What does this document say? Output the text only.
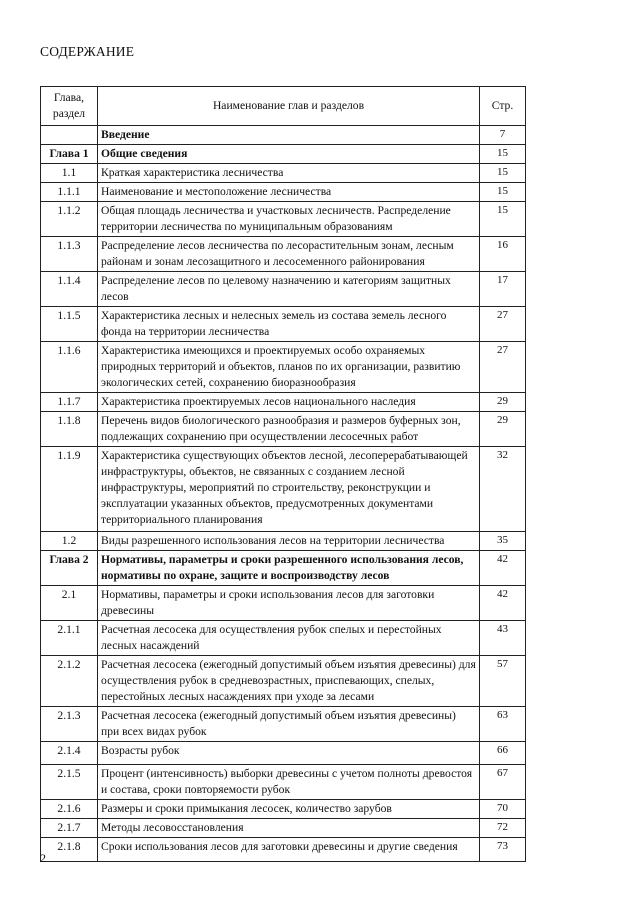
СОДЕРЖАНИЕ
Глава, раздел	Наименование глав и разделов	Стр.
	Введение	7
Глава 1	Общие сведения	15
1.1	Краткая характеристика лесничества	15
1.1.1	Наименование и местоположение лесничества	15
1.1.2	Общая площадь лесничества и участковых лесничеств. Распределение территории лесничества по муниципальным образованиям	15
1.1.3	Распределение лесов лесничества по лесорастительным зонам, лесным районам и зонам лесозащитного и лесосеменного районирования	16
1.1.4	Распределение лесов по целевому назначению и категориям защитных лесов	17
1.1.5	Характеристика лесных и нелесных земель из состава земель лесного фонда на территории лесничества	27
1.1.6	Характеристика имеющихся и проектируемых особо охраняемых природных территорий и объектов, планов по их организации, развитию экологических сетей, сохранению биоразнообразия	27
1.1.7	Характеристика проектируемых лесов национального наследия	29
1.1.8	Перечень видов биологического разнообразия и размеров буферных зон, подлежащих сохранению при осуществлении лесосечных работ	29
1.1.9	Характеристика существующих объектов лесной, лесоперерабатывающей инфраструктуры, объектов, не связанных с созданием лесной инфраструктуры, мероприятий по строительству, реконструкции и эксплуатации указанных объектов, предусмотренных документами территориального планирования	32
1.2	Виды разрешенного использования лесов на территории лесничества	35
Глава 2	Нормативы, параметры и сроки разрешенного использования лесов, нормативы по охране, защите и воспроизводству лесов	42
2.1	Нормативы, параметры и сроки использования лесов для заготовки древесины	42
2.1.1	Расчетная лесосека для осуществления рубок спелых и перестойных лесных насаждений	43
2.1.2	Расчетная лесосека (ежегодный допустимый объем изъятия древесины) для осуществления рубок в средневозрастных, приспевающих, спелых, перестойных лесных насаждениях при уходе за лесами	57
2.1.3	Расчетная лесосека (ежегодный допустимый объем изъятия древесины) при всех видах рубок	63
2.1.4	Возрасты рубок	66
2.1.5	Процент (интенсивность) выборки древесины с учетом полноты древостоя и состава, сроки повторяемости рубок	67
2.1.6	Размеры и сроки примыкания лесосек, количество зарубов	70
2.1.7	Методы лесовосстановления	72
2.1.8	Сроки использования лесов для заготовки древесины и другие сведения	73
2
